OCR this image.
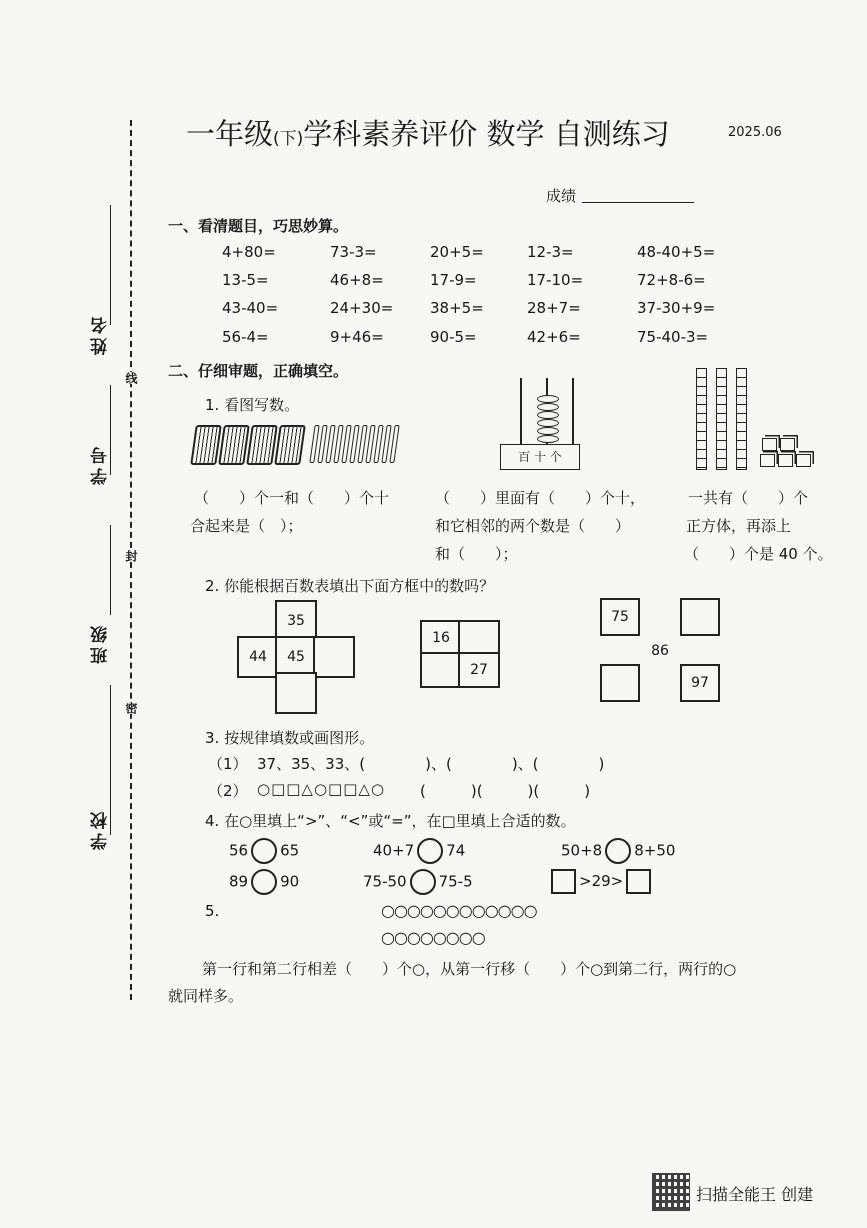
一年级(下)学科素养评价 数学 自测练习	2025.06
成绩
姓名
学号
班级
学校
线
封
密
一、看清题目，巧思妙算。
4+80=	73-3=	20+5=	12-3=	48-40+5=
13-5=	46+8=	17-9=	17-10=	72+8-6=
43-40=	24+30= 38+5=	28+7=	37-30+9=
56-4=	9+46=	90-5=	42+6=	75-40-3=
二、仔细审题，正确填空。
1. 看图写数。
百 十 个
（　　）个一和（　　）个十
合起来是（　）；
（　　）里面有（　　）个十，
和它相邻的两个数是（　　）
和（　　）；
一共有（　　）个
正方体，再添上
（　　）个是 40 个。
2. 你能根据百数表填出下面方框中的数吗？
35
44	45
16
27
75
86
97
3. 按规律填数或画图形。
（1） 37、35、33、(　　　　)、(　　　　)、(　　　　)
（2） ○□□△○□□△○ (　　　)(　　　)(　　　)
4. 在○里填上“>”、“<”或“=”，在□里填上合适的数。
56 65	40+7 74	50+8 8+50
89 90	75-50 75-5	>29>
5.	○○○○○○○○○○○○
○○○○○○○○
第一行和第二行相差（　　）个○，从第一行移（　　）个○到第二行，两行的○
就同样多。
扫描全能王 创建
